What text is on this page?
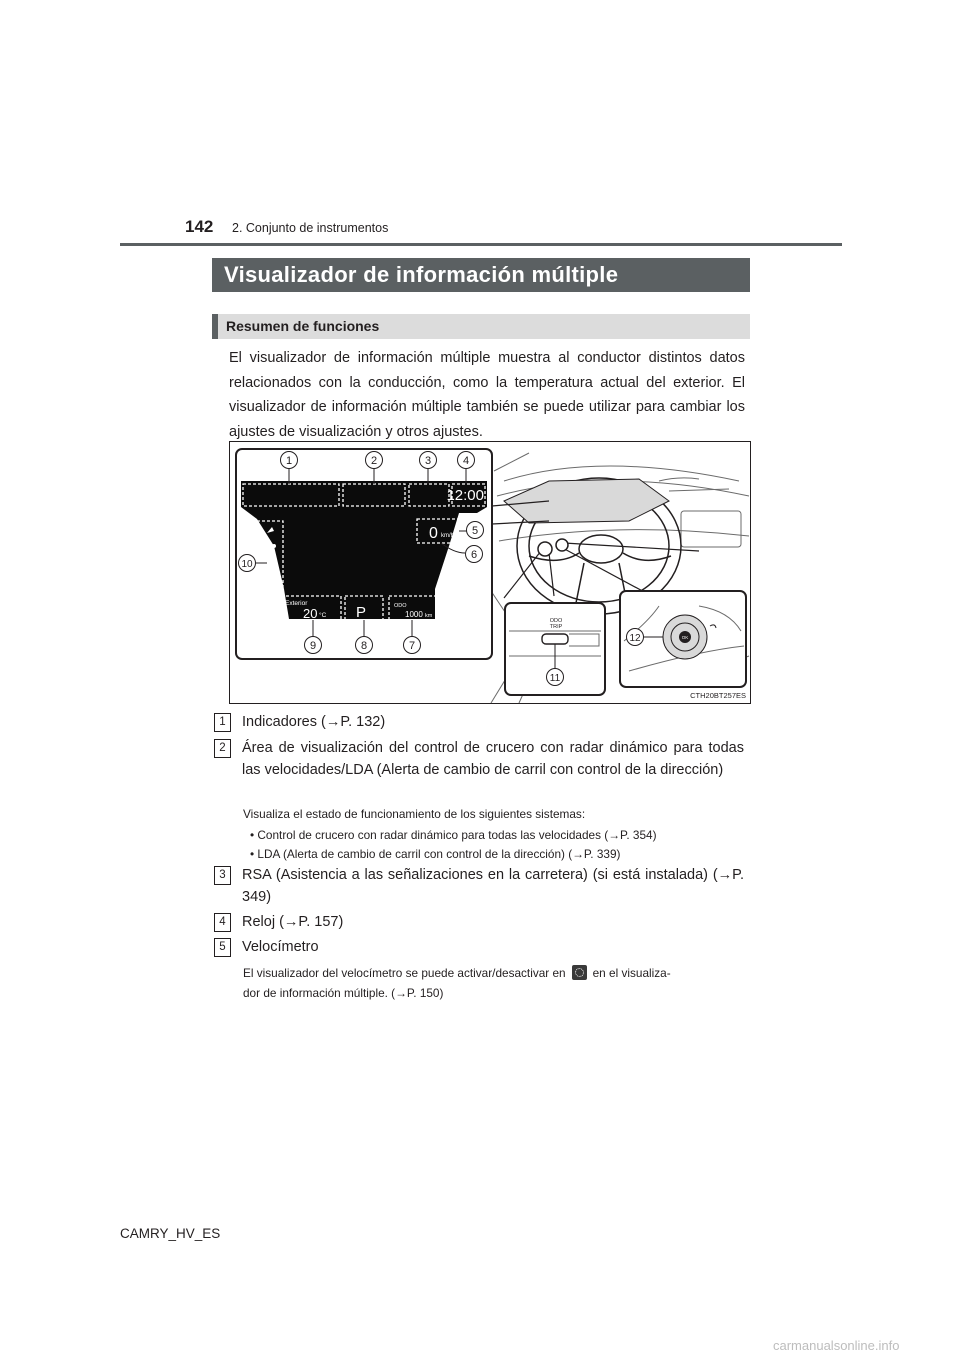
142 2. Conjunto de instrumentos
Visualizador de información múltiple
Resumen de funciones

El visualizador de información múltiple muestra al conductor distintos datos relacionados con la conducción, como la temperatura actual del exterior. El visualizador de información múltiple también se puede utilizar para cambiar los ajustes de visualización y otros ajustes.

12:00
0 km/h
Exterior
20 °C P	ODO
1000 km
ODO
TRIP
OK
1	2	3	4
5
6
7
8
9
10
11
12
CTH20BT257ES
1	Indicadores (→P. 132)
2	Área de visualización del control de crucero con radar dinámico para todas las velocidades/LDA (Alerta de cambio de carril con control de la dirección)
Visualiza el estado de funcionamiento de los siguientes sistemas:
• Control de crucero con radar dinámico para todas las velocidades (→P. 354)
• LDA (Alerta de cambio de carril con control de la dirección) (→P. 339)
3	RSA (Asistencia a las señalizaciones en la carretera) (si está instalada) (→P. 349)
4	Reloj (→P. 157)
5	Velocímetro
El visualizador del velocímetro se puede activar/desactivar en en el visualiza-
dor de información múltiple. (→P. 150)
CAMRY_HV_ES
carmanualsonline.info
